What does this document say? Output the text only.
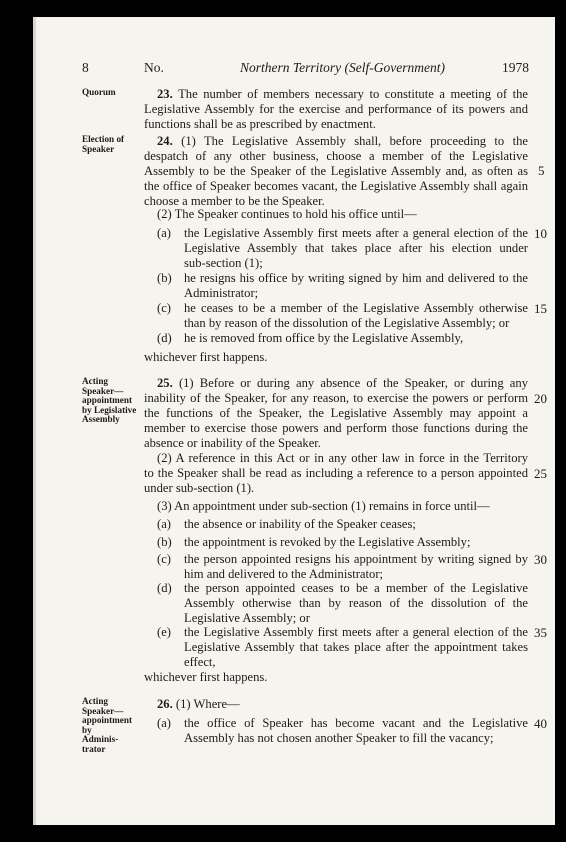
8	No.	Northern Territory (Self-Government)	1978
Quorum
Election of
Speaker
Acting
Speaker—
appointment
by Legislative
Assembly
Acting
Speaker—
appointment
by
Adminis-
trator
23. The number of members necessary to constitute a meeting of the
Legislative Assembly for the exercise and performance of its powers and
functions shall be as prescribed by enactment.
24. (1) The Legislative Assembly shall, before proceeding to the
despatch of any other business, choose a member of the Legislative
Assembly to be the Speaker of the Legislative Assembly and, as often as
the office of Speaker becomes vacant, the Legislative Assembly shall again
choose a member to be the Speaker.
(2) The Speaker continues to hold his office until—
(a) the Legislative Assembly first meets after a general election of the
Legislative Assembly that takes place after his election under
sub-section (1);
(b) he resigns his office by writing signed by him and delivered to the
Administrator;
(c) he ceases to be a member of the Legislative Assembly otherwise
than by reason of the dissolution of the Legislative Assembly; or
(d) he is removed from office by the Legislative Assembly,
whichever first happens.
25. (1) Before or during any absence of the Speaker, or during any
inability of the Speaker, for any reason, to exercise the powers or perform
the functions of the Speaker, the Legislative Assembly may appoint a
member to exercise those powers and perform those functions during the
absence or inability of the Speaker.
(2) A reference in this Act or in any other law in force in the Territory
to the Speaker shall be read as including a reference to a person appointed
under sub-section (1).
(3) An appointment under sub-section (1) remains in force until—
(a) the absence or inability of the Speaker ceases;
(b) the appointment is revoked by the Legislative Assembly;
(c) the person appointed resigns his appointment by writing signed by
him and delivered to the Administrator;
(d) the person appointed ceases to be a member of the Legislative
Assembly otherwise than by reason of the dissolution of the
Legislative Assembly; or
(e) the Legislative Assembly first meets after a general election of the
Legislative Assembly that takes place after the appointment takes
effect,
whichever first happens.
26. (1) Where—
(a) the office of Speaker has become vacant and the Legislative
Assembly has not chosen another Speaker to fill the vacancy;
5
10
15
20
25
30
35
40
